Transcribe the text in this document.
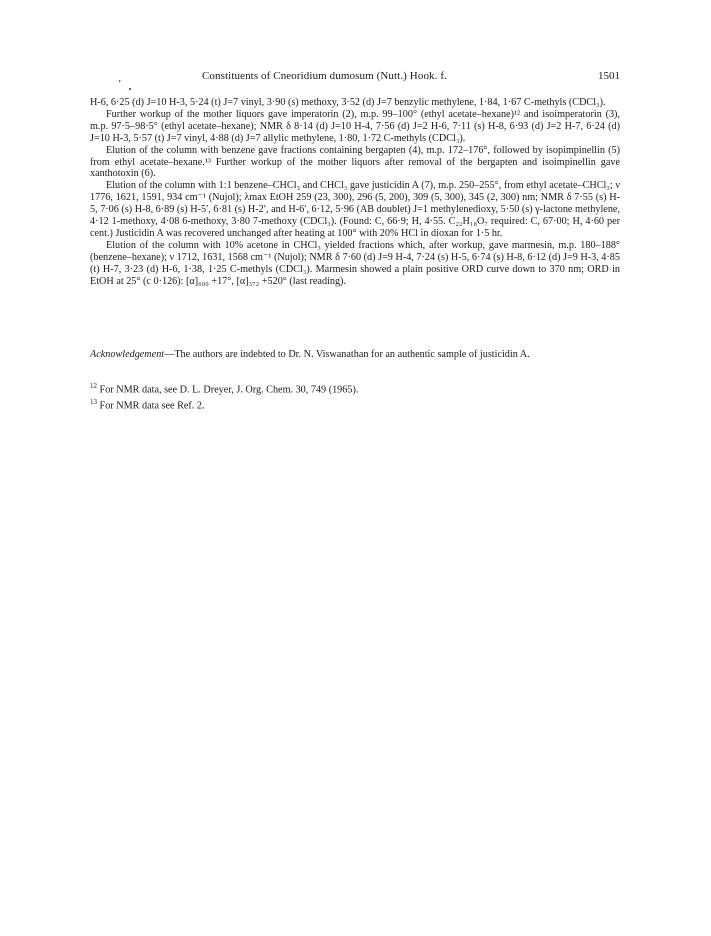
‚	Constituents of Cneoridium dumosum (Nutt.) Hook. f.	1501

H-6, 6·25 (d) J=10 H-3, 5·24 (t) J=7 vinyl, 3·90 (s) methoxy, 3·52 (d) J=7 benzylic methylene, 1·84, 1·67 C-methyls (CDCl₃).

Further workup of the mother liquors gave imperatorin (2), m.p. 99–100° (ethyl acetate–hexane)¹² and isoimperatorin (3), m.p. 97·5–98·5° (ethyl acetate–hexane); NMR δ 8·14 (d) J=10 H-4, 7·56 (d) J=2 H-6, 7·11 (s) H-8, 6·93 (d) J=2 H-7, 6·24 (d) J=10 H-3, 5·57 (t) J=7 vinyl, 4·88 (d) J=7 allylic methylene, 1·80, 1·72 C-methyls (CDCl₃).

Elution of the column with benzene gave fractions containing bergapten (4), m.p. 172–176°, followed by isopimpinellin (5) from ethyl acetate–hexane.¹³ Further workup of the mother liquors after removal of the bergapten and isoimpinellin gave xanthotoxin (6).

Elution of the column with 1:1 benzene–CHCl₃ and CHCl₃ gave justicidin A (7), m.p. 250–255°, from ethyl acetate–CHCl₃; ν 1776, 1621, 1591, 934 cm⁻¹ (Nujol); λmax EtOH 259 (23, 300), 296 (5, 200), 309 (5, 300), 345 (2, 300) nm; NMR δ 7·55 (s) H-5, 7·06 (s) H-8, 6·89 (s) H-5′, 6·81 (s) H-2′, and H-6′, 6·12, 5·96 (AB doublet) J=1 methylenedioxy, 5·50 (s) γ-lactone methylene, 4·12 1-methoxy, 4·08 6-methoxy, 3·80 7-methoxy (CDCl₃). (Found: C, 66·9; H, 4·55. C₂₂H₁₈O₇ required: C, 67·00; H, 4·60 per cent.) Justicidin A was recovered unchanged after heating at 100° with 20% HCl in dioxan for 1·5 hr.

Elution of the column with 10% acetone in CHCl₃ yielded fractions which, after workup, gave marmesin, m.p. 180–188° (benzene–hexane); ν 1712, 1631, 1568 cm⁻¹ (Nujol); NMR δ 7·60 (d) J=9 H-4, 7·24 (s) H-5, 6·74 (s) H-8, 6·12 (d) J=9 H-3, 4·85 (t) H-7, 3·23 (d) H-6, 1·38, 1·25 C-methyls (CDCl₃). Marmesin showed a plain positive ORD curve down to 370 nm; ORD in EtOH at 25° (c 0·126): [α]₆₀₀ +17°, [α]₃₇₂ +520° (last reading).

Acknowledgement—The authors are indebted to Dr. N. Viswanathan for an authentic sample of justicidin A.

$^{12}$ For NMR data, see D. L. Dreyer, J. Org. Chem. 30, 749 (1965).

$^{13}$ For NMR data see Ref. 2.
